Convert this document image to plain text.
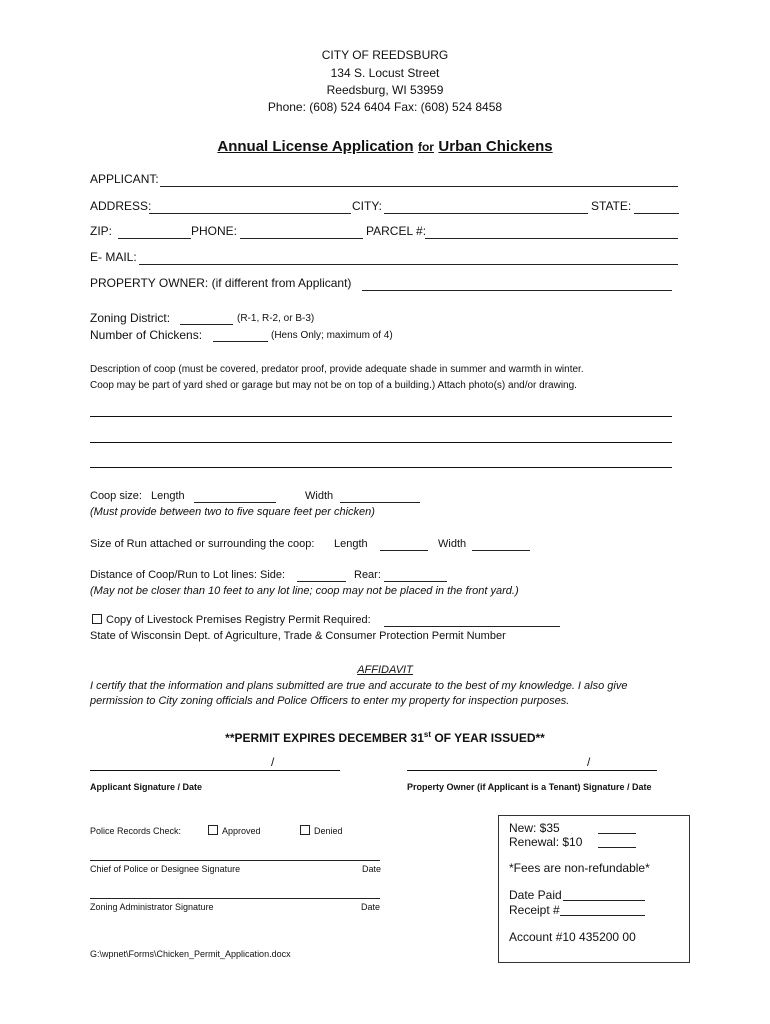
CITY OF REEDSBURG
134 S. Locust Street
Reedsburg, WI 53959
Phone: (608) 524 6404 Fax: (608) 524 8458
Annual License Application for Urban Chickens
APPLICANT:
ADDRESS:	CITY:	STATE:
ZIP:	PHONE:	PARCEL #:
E- MAIL:
PROPERTY OWNER: (if different from Applicant)
Zoning District:	(R-1, R-2, or B-3)
Number of Chickens:	(Hens Only; maximum of 4)
Description of coop (must be covered, predator proof, provide adequate shade in summer and warmth in winter.
Coop may be part of yard shed or garage but may not be on top of a building.) Attach photo(s) and/or drawing.
Coop size: Length	Width
(Must provide between two to five square feet per chicken)
Size of Run attached or surrounding the coop: Length	Width
Distance of Coop/Run to Lot lines: Side:	Rear:
(May not be closer than 10 feet to any lot line; coop may not be placed in the front yard.)
Copy of Livestock Premises Registry Permit Required:
State of Wisconsin Dept. of Agriculture, Trade & Consumer Protection Permit Number
AFFIDAVIT
I certify that the information and plans submitted are true and accurate to the best of my knowledge. I also give
permission to City zoning officials and Police Officers to enter my property for inspection purposes.
**PERMIT EXPIRES DECEMBER 31st OF YEAR ISSUED**
/	/
Applicant Signature / Date	Property Owner (if Applicant is a Tenant) Signature / Date
Police Records Check:	Approved	Denied
Chief of Police or Designee Signature	Date
Zoning Administrator Signature	Date
New: $35
Renewal: $10
*Fees are non-refundable*
Date Paid
Receipt #
Account #10 435200 00
G:\wpnet\Forms\Chicken_Permit_Application.docx
